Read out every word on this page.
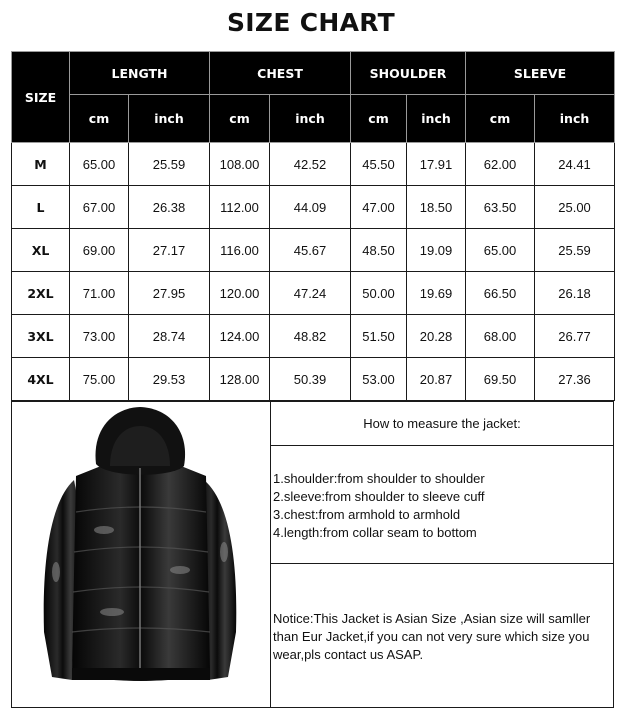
SIZE CHART
SIZE	LENGTH		CHEST		SHOULDER		SLEEVE	
	cm	inch	cm	inch	cm	inch	cm	inch
M	65.00	25.59	108.00	42.52	45.50	17.91	62.00	24.41
L	67.00	26.38	112.00	44.09	47.00	18.50	63.50	25.00
XL	69.00	27.17	116.00	45.67	48.50	19.09	65.00	25.59
2XL	71.00	27.95	120.00	47.24	50.00	19.69	66.50	26.18
3XL	73.00	28.74	124.00	48.82	51.50	20.28	68.00	26.77
4XL	75.00	29.53	128.00	50.39	53.00	20.87	69.50	27.36
How to measure the jacket:
1.shoulder:from shoulder to shoulder
2.sleeve:from shoulder to sleeve cuff
3.chest:from armhold to armhold
4.length:from collar seam to bottom
Notice:This Jacket is Asian Size ,Asian size will samller
than Eur Jacket,if you can not very sure which size you
wear,pls contact us ASAP.
